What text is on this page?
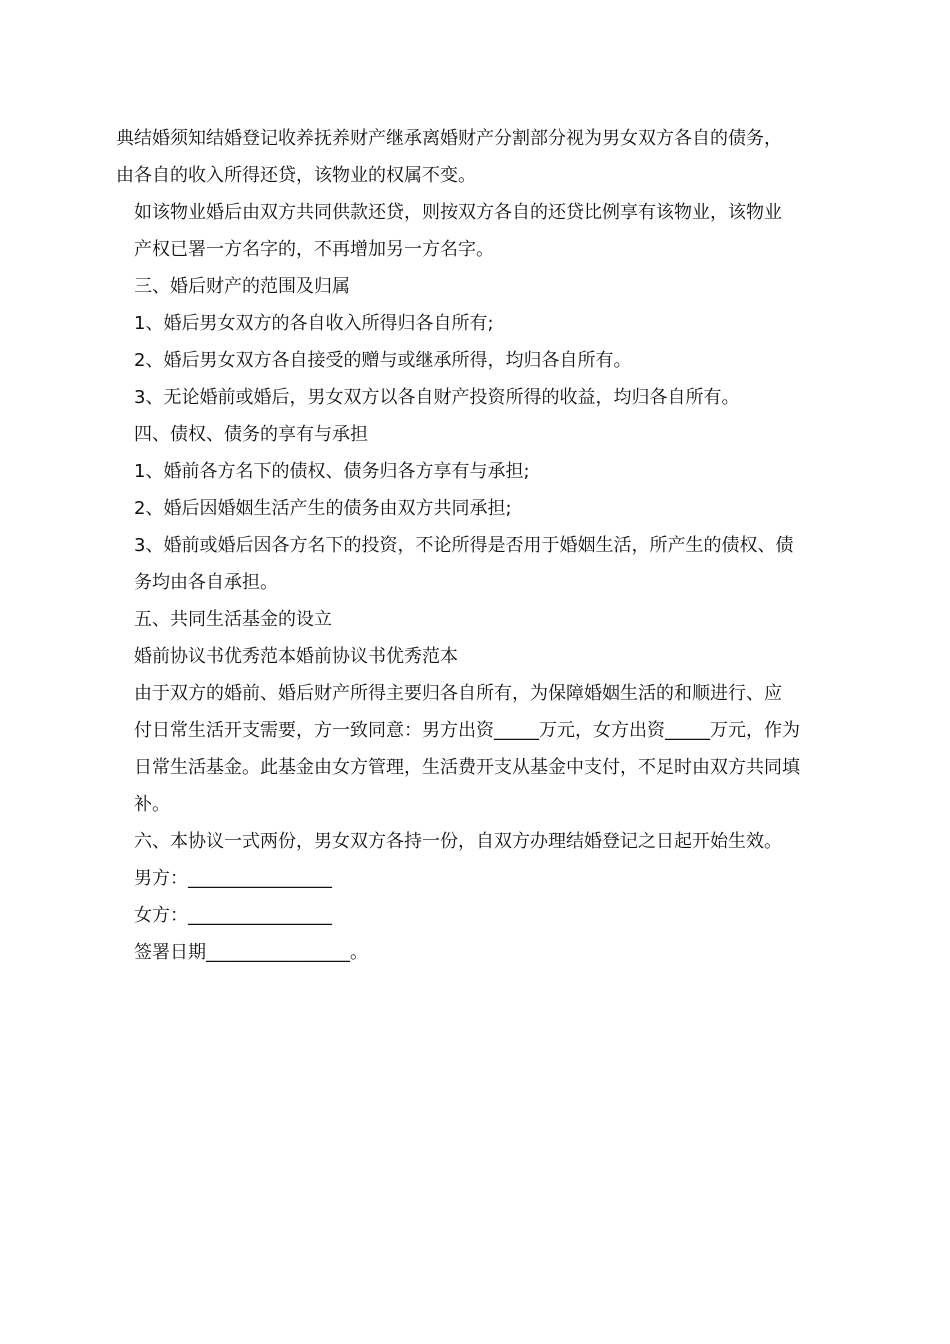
典结婚须知结婚登记收养抚养财产继承离婚财产分割部分视为男女双方各自的债务，
由各自的收入所得还贷，该物业的权属不变。

如该物业婚后由双方共同供款还贷，则按双方各自的还贷比例享有该物业，该物业
产权已署一方名字的，不再增加另一方名字。

三、婚后财产的范围及归属

1、婚后男女双方的各自收入所得归各自所有;

2、婚后男女双方各自接受的赠与或继承所得，均归各自所有。

3、无论婚前或婚后，男女双方以各自财产投资所得的收益，均归各自所有。

四、债权、债务的享有与承担

1、婚前各方名下的债权、债务归各方享有与承担;

2、婚后因婚姻生活产生的债务由双方共同承担;

3、婚前或婚后因各方名下的投资，不论所得是否用于婚姻生活，所产生的债权、债
务均由各自承担。

五、共同生活基金的设立

婚前协议书优秀范本婚前协议书优秀范本

由于双方的婚前、婚后财产所得主要归各自所有，为保障婚姻生活的和顺进行、应
付日常生活开支需要，方一致同意：男方出资_____万元，女方出资_____万元，作为
日常生活基金。此基金由女方管理，生活费开支从基金中支付，不足时由双方共同填
补。

六、本协议一式两份，男女双方各持一份，自双方办理结婚登记之日起开始生效。

男方：________________

女方：________________

签署日期________________。
